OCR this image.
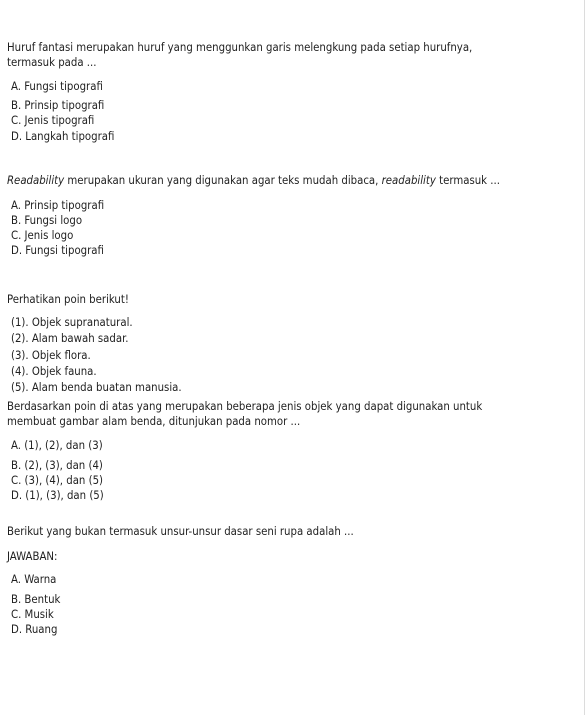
Huruf fantasi merupakan huruf yang menggunkan garis melengkung pada setiap hurufnya, termasuk pada ...
A. Fungsi tipografi
B. Prinsip tipografi
C. Jenis tipografi
D. Langkah tipografi
Readability merupakan ukuran yang digunakan agar teks mudah dibaca, readability termasuk ...
A. Prinsip tipografi
B. Fungsi logo
C. Jenis logo
D. Fungsi tipografi
Perhatikan poin berikut!
(1). Objek supranatural.
(2). Alam bawah sadar.
(3). Objek flora.
(4). Objek fauna.
(5). Alam benda buatan manusia.
Berdasarkan poin di atas yang merupakan beberapa jenis objek yang dapat digunakan untuk membuat gambar alam benda, ditunjukan pada nomor ...
A. (1), (2), dan (3)
B. (2), (3), dan (4)
C. (3), (4), dan (5)
D. (1), (3), dan (5)
Berikut yang bukan termasuk unsur-unsur dasar seni rupa adalah ...
JAWABAN:
A. Warna
B. Bentuk
C. Musik
D. Ruang
